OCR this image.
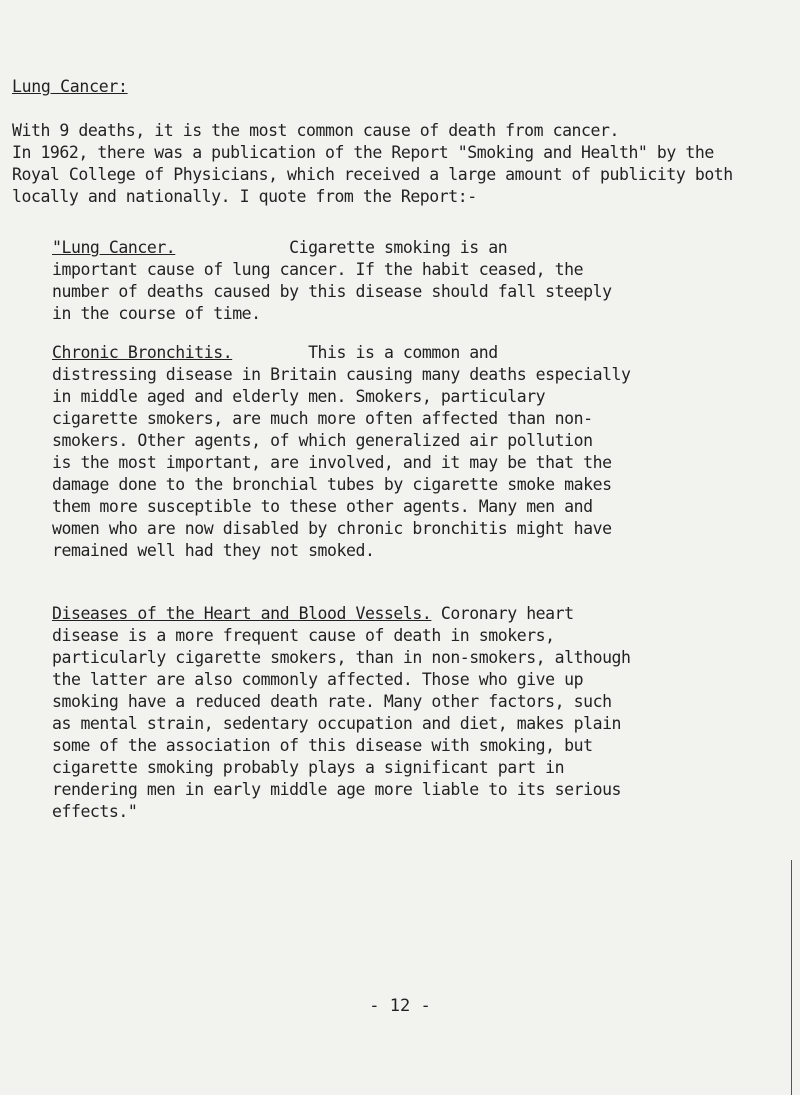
Lung Cancer:
With 9 deaths, it is the most common cause of death from cancer.
In 1962, there was a publication of the Report "Smoking and Health" by the
Royal College of Physicians, which received a large amount of publicity both
locally and nationally. I quote from the Report:-
"Lung Cancer.            Cigarette smoking is an
important cause of lung cancer. If the habit ceased, the
number of deaths caused by this disease should fall steeply
in the course of time.
Chronic Bronchitis.        This is a common and
distressing disease in Britain causing many deaths especially
in middle aged and elderly men. Smokers, particulary
cigarette smokers, are much more often affected than non-
smokers. Other agents, of which generalized air pollution
is the most important, are involved, and it may be that the
damage done to the bronchial tubes by cigarette smoke makes
them more susceptible to these other agents. Many men and
women who are now disabled by chronic bronchitis might have
remained well had they not smoked.
Diseases of the Heart and Blood Vessels. Coronary heart
disease is a more frequent cause of death in smokers,
particularly cigarette smokers, than in non-smokers, although
the latter are also commonly affected. Those who give up
smoking have a reduced death rate. Many other factors, such
as mental strain, sedentary occupation and diet, makes plain
some of the association of this disease with smoking, but
cigarette smoking probably plays a significant part in
rendering men in early middle age more liable to its serious
effects."
- 12 -
